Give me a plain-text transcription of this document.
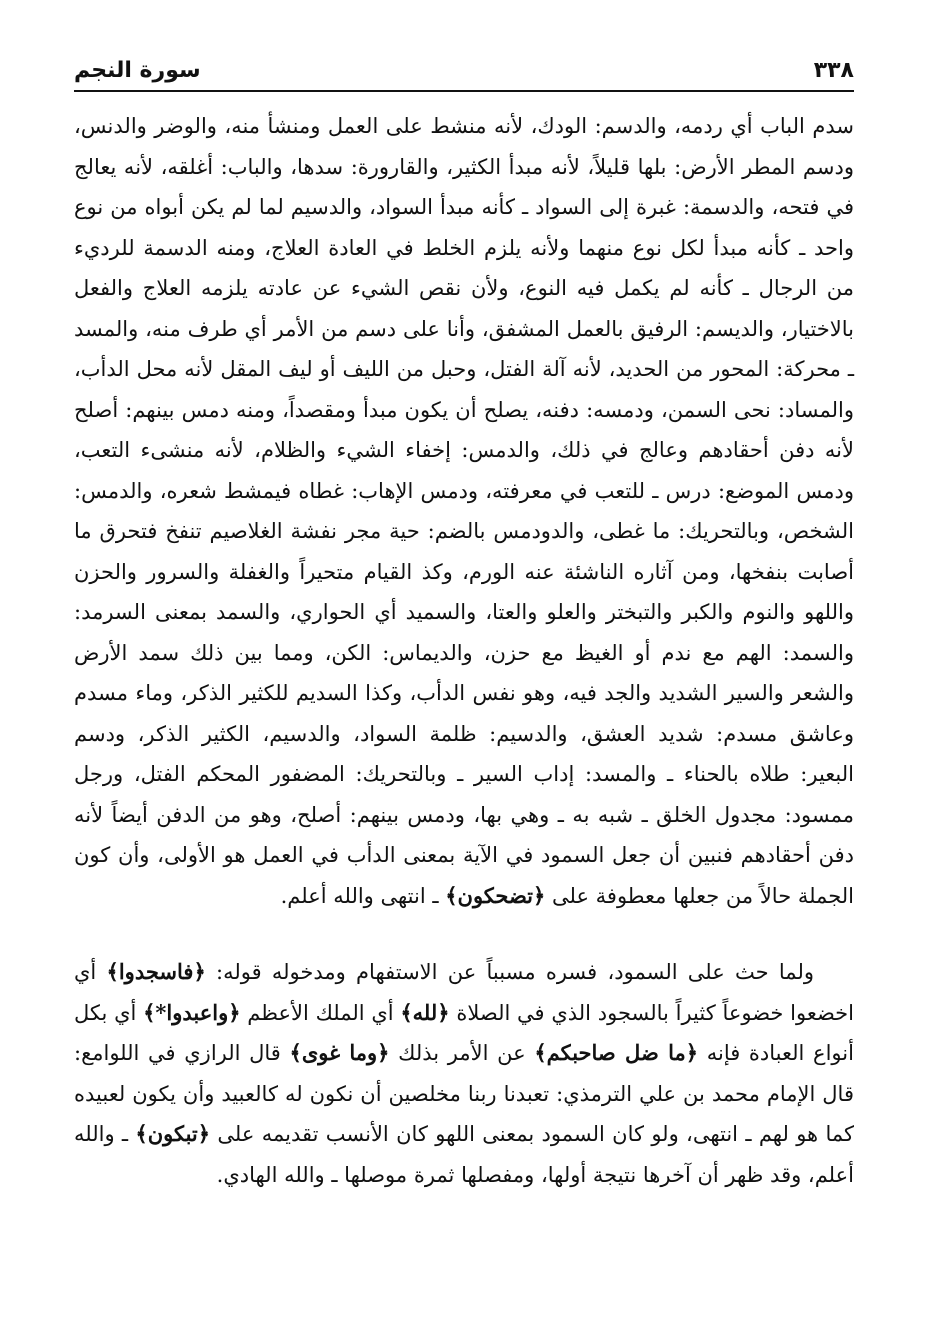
٣٣٨
سورة النجم

سدم الباب أي ردمه، والدسم: الودك، لأنه منشط على العمل ومنشأ منه، والوضر والدنس، ودسم المطر الأرض: بلها قليلاً، لأنه مبدأ الكثير، والقارورة: سدها، والباب: أغلقه، لأنه يعالج في فتحه، والدسمة: غبرة إلى السواد ـ كأنه مبدأ السواد، والدسيم لما لم يكن أبواه من نوع واحد ـ كأنه مبدأ لكل نوع منهما ولأنه يلزم الخلط في العادة العلاج، ومنه الدسمة للرديء من الرجال ـ كأنه لم يكمل فيه النوع، ولأن نقص الشيء عن عادته يلزمه العلاج والفعل بالاختيار، والديسم: الرفيق بالعمل المشفق، وأنا على دسم من الأمر أي طرف منه، والمسد ـ محركة: المحور من الحديد، لأنه آلة الفتل، وحبل من الليف أو ليف المقل لأنه محل الدأب، والمساد: نحى السمن، ودمسه: دفنه، يصلح أن يكون مبدأ ومقصداً، ومنه دمس بينهم: أصلح لأنه دفن أحقادهم وعالج في ذلك، والدمس: إخفاء الشيء والظلام، لأنه منشىء التعب، ودمس الموضع: درس ـ للتعب في معرفته، ودمس الإهاب: غطاه فيمشط شعره، والدمس: الشخص، وبالتحريك: ما غطى، والدودمس بالضم: حية مجر نفشة الغلاصيم تنفخ فتحرق ما أصابت بنفخها، ومن آثاره الناشئة عنه الورم، وكذ القيام متحيراً والغفلة والسرور والحزن واللهو والنوم والكبر والتبختر والعلو والعتا، والسميد أي الحواري، والسمد بمعنى السرمد: والسمد: الهم مع ندم أو الغيظ مع حزن، والديماس: الكن، ومما بين ذلك سمد الأرض والشعر والسير الشديد والجد فيه، وهو نفس الدأب، وكذا السديم للكثير الذكر، وماء مسدم وعاشق مسدم: شديد العشق، والدسيم: ظلمة السواد، والدسيم، الكثير الذكر، ودسم البعير: طلاه بالحناء ـ والمسد: إداب السير ـ وبالتحريك: المضفور المحكم الفتل، ورجل ممسود: مجدول الخلق ـ شبه به ـ وهي بها، ودمس بينهم: أصلح، وهو من الدفن أيضاً لأنه دفن أحقادهم فنبين أن جعل السمود في الآية بمعنى الدأب في العمل هو الأولى، وأن كون الجملة حالاً من جعلها معطوفة على ﴿تضحكون﴾ ـ انتهى والله أعلم.

ولما حث على السمود، فسره مسبباً عن الاستفهام ومدخوله قوله: ﴿فاسجدوا﴾ أي اخضعوا خضوعاً كثيراً بالسجود الذي في الصلاة ﴿لله﴾ أي الملك الأعظم ﴿واعبدوا*﴾ أي بكل أنواع العبادة فإنه ﴿ما ضل صاحبكم﴾ عن الأمر بذلك ﴿وما غوى﴾ قال الرازي في اللوامع: قال الإمام محمد بن علي الترمذي: تعبدنا ربنا مخلصين أن نكون له كالعبيد وأن يكون لعبيده كما هو لهم ـ انتهى، ولو كان السمود بمعنى اللهو كان الأنسب تقديمه على ﴿تبكون﴾ ـ والله أعلم، وقد ظهر أن آخرها نتيجة أولها، ومفصلها ثمرة موصلها ـ والله الهادي.
